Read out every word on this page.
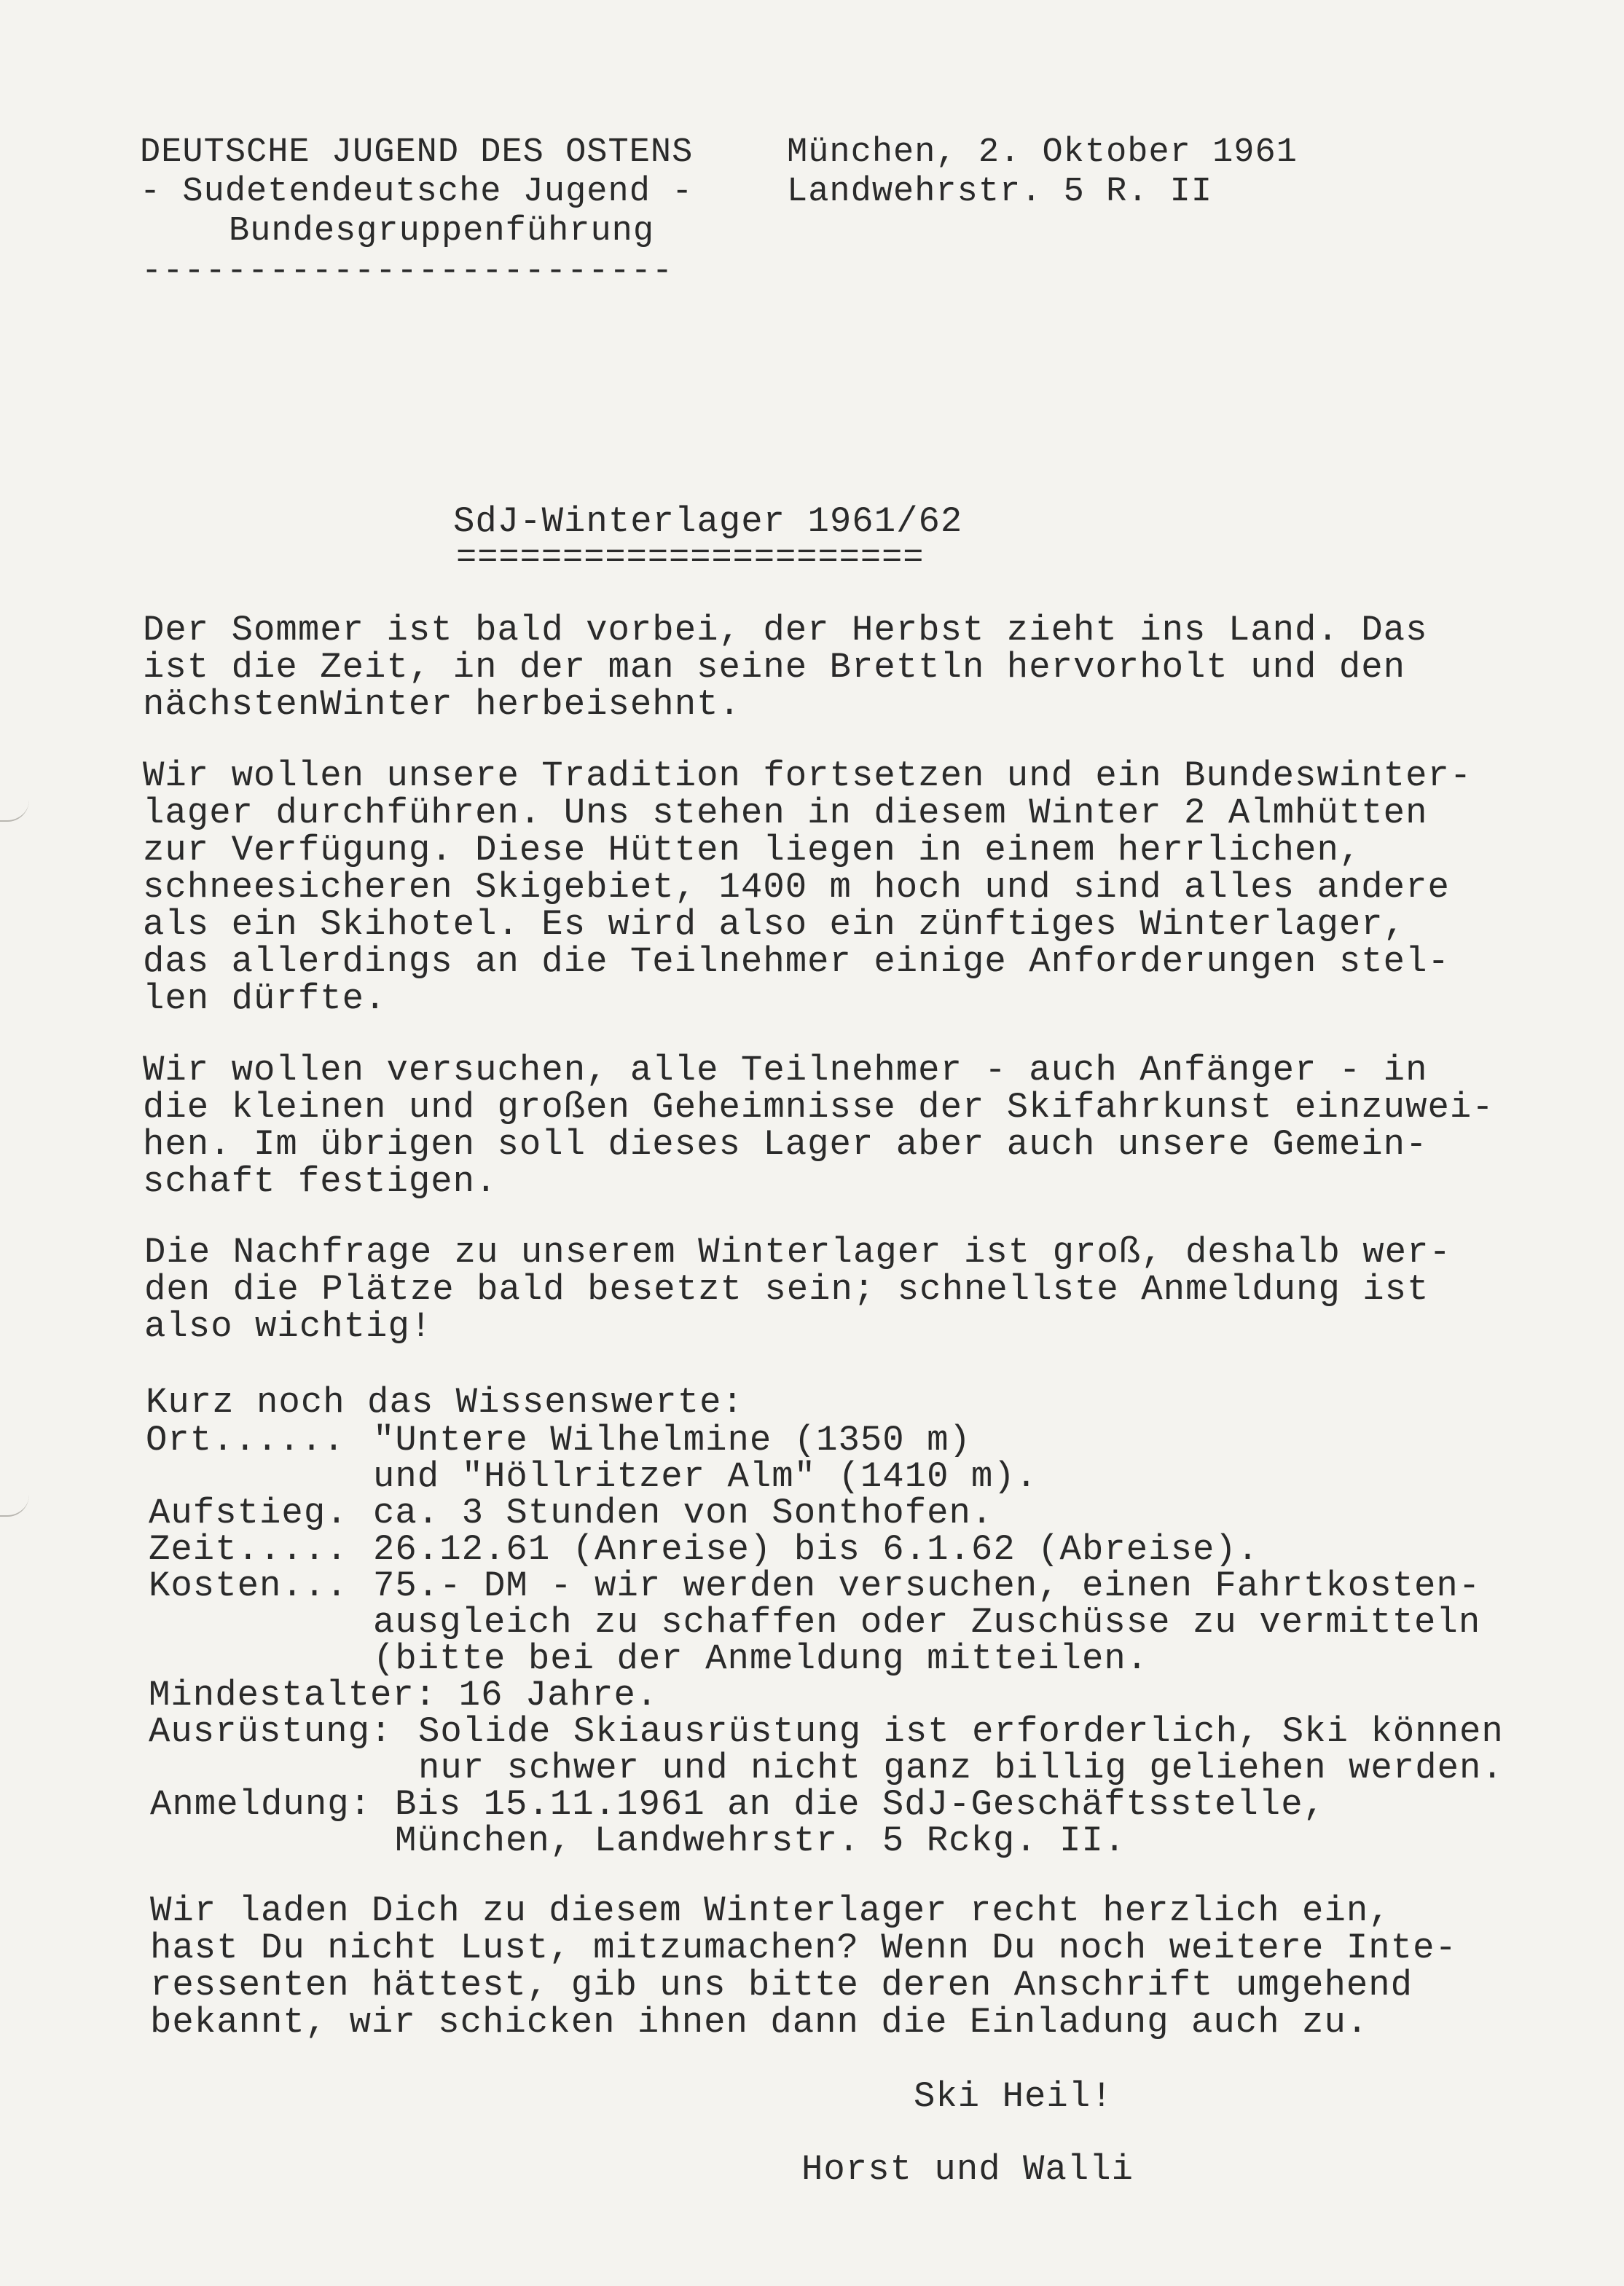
DEUTSCHE JUGEND DES OSTENS
- Sudetendeutsche Jugend -
Bundesgruppenführung
-------------------------
München, 2. Oktober 1961
Landwehrstr. 5 R. II
SdJ-Winterlager 1961/62
======================
Der Sommer ist bald vorbei, der Herbst zieht ins Land. Das
ist die Zeit, in der man seine Brettln hervorholt und den
nächstenWinter herbeisehnt.
Wir wollen unsere Tradition fortsetzen und ein Bundeswinter-
lager durchführen. Uns stehen in diesem Winter 2 Almhütten
zur Verfügung. Diese Hütten liegen in einem herrlichen,
schneesicheren Skigebiet, 1400 m hoch und sind alles andere
als ein Skihotel. Es wird also ein zünftiges Winterlager,
das allerdings an die Teilnehmer einige Anforderungen stel-
len dürfte.
Wir wollen versuchen, alle Teilnehmer - auch Anfänger - in
die kleinen und großen Geheimnisse der Skifahrkunst einzuwei-
hen. Im übrigen soll dieses Lager aber auch unsere Gemein-
schaft festigen.
Die Nachfrage zu unserem Winterlager ist groß, deshalb wer-
den die Plätze bald besetzt sein; schnellste Anmeldung ist
also wichtig!
Kurz noch das Wissenswerte:
Ort...... "Untere Wilhelmine (1350 m)
und "Höllritzer Alm" (1410 m).
Aufstieg. ca. 3 Stunden von Sonthofen.
Zeit..... 26.12.61 (Anreise) bis 6.1.62 (Abreise).
Kosten... 75.- DM - wir werden versuchen, einen Fahrtkosten-
ausgleich zu schaffen oder Zuschüsse zu vermitteln
(bitte bei der Anmeldung mitteilen.
Mindestalter: 16 Jahre.
Ausrüstung: Solide Skiausrüstung ist erforderlich, Ski können
nur schwer und nicht ganz billig geliehen werden.
Anmeldung: Bis 15.11.1961 an die SdJ-Geschäftsstelle,
München, Landwehrstr. 5 Rckg. II.
Wir laden Dich zu diesem Winterlager recht herzlich ein,
hast Du nicht Lust, mitzumachen? Wenn Du noch weitere Inte-
ressenten hättest, gib uns bitte deren Anschrift umgehend
bekannt, wir schicken ihnen dann die Einladung auch zu.
Ski Heil!
Horst und Walli
